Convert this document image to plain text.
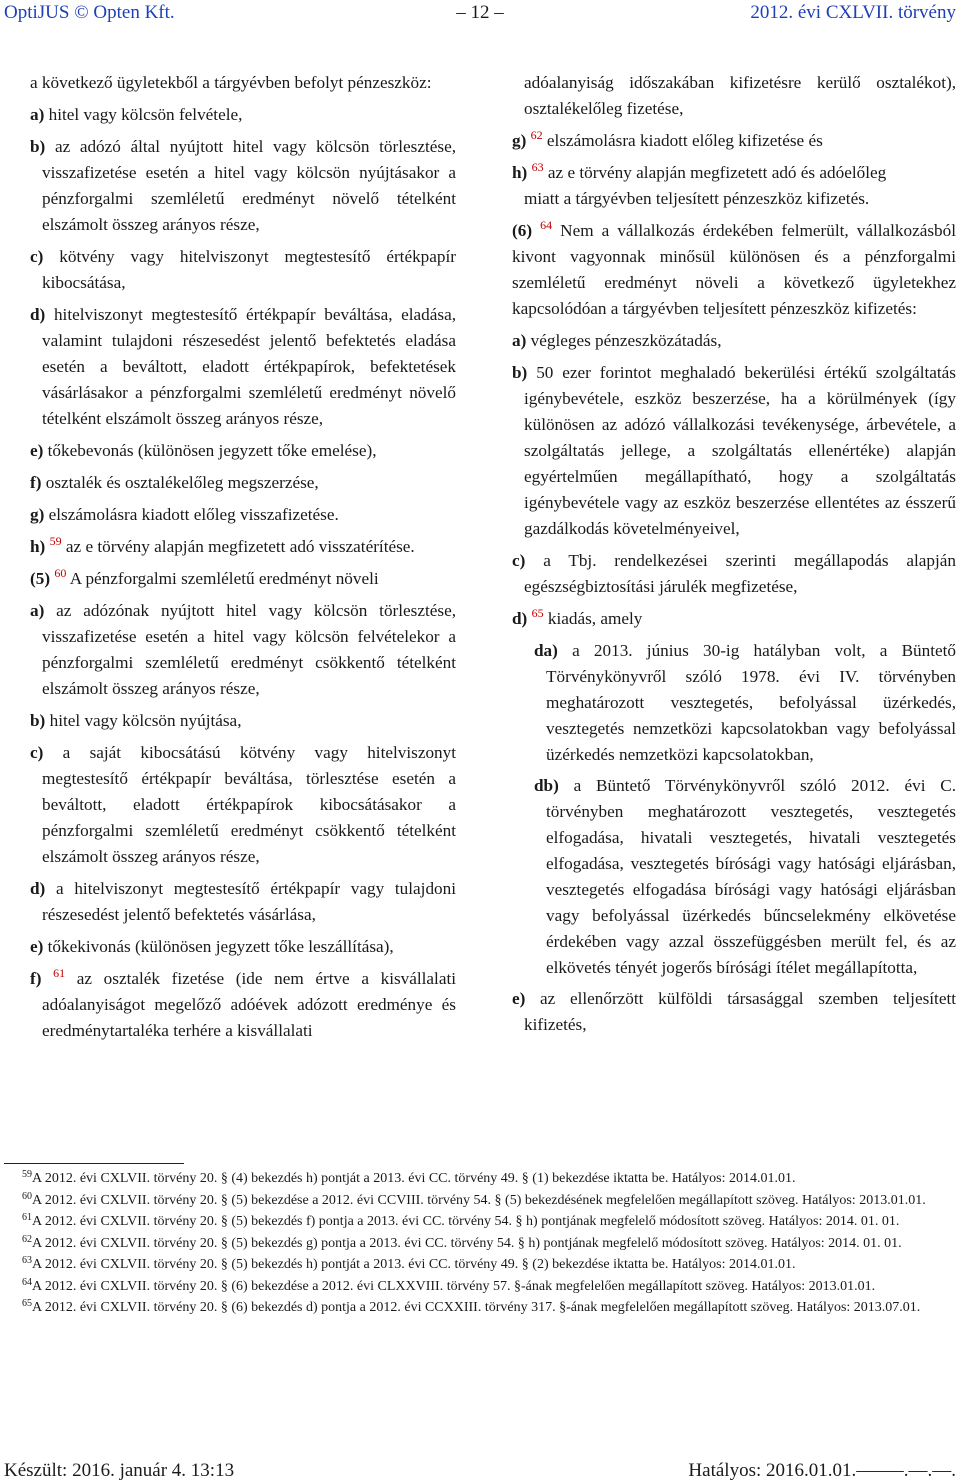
OptiJUS © Opten Kft.	– 12 –	2012. évi CXLVII. törvény

a következő ügyletekből a tárgyévben befolyt pénzeszköz:

a) hitel vagy kölcsön felvétele,

b) az adózó által nyújtott hitel vagy kölcsön törlesztése, visszafizetése esetén a hitel vagy kölcsön nyújtásakor a pénzforgalmi szemléletű eredményt növelő tételként elszámolt összeg arányos része,

c) kötvény vagy hitelviszonyt megtestesítő értékpapír kibocsátása,

d) hitelviszonyt megtestesítő értékpapír beváltása, eladása, valamint tulajdoni részesedést jelentő befektetés eladása esetén a beváltott, eladott értékpapírok, befektetések vásárlásakor a pénzforgalmi szemléletű eredményt növelő tételként elszámolt összeg arányos része,

e) tőkebevonás (különösen jegyzett tőke emelése),

f) osztalék és osztalékelőleg megszerzése,

g) elszámolásra kiadott előleg visszafizetése.

h) $^{59}$ az e törvény alapján megfizetett adó visszatérítése.

(5) $^{60}$ A pénzforgalmi szemléletű eredményt növeli

a) az adózónak nyújtott hitel vagy kölcsön törlesztése, visszafizetése esetén a hitel vagy kölcsön felvételekor a pénzforgalmi szemléletű eredményt csökkentő tételként elszámolt összeg arányos része,

b) hitel vagy kölcsön nyújtása,

c) a saját kibocsátású kötvény vagy hitelviszonyt megtestesítő értékpapír beváltása, törlesztése esetén a beváltott, eladott értékpapírok kibocsátásakor a pénzforgalmi szemléletű eredményt csökkentő tételként elszámolt összeg arányos része,

d) a hitelviszonyt megtestesítő értékpapír vagy tulajdoni részesedést jelentő befektetés vásárlása,

e) tőkekivonás (különösen jegyzett tőke leszállítása),

f) $^{61}$ az osztalék fizetése (ide nem értve a kisvállalati adóalanyiságot megelőző adóévek adózott eredménye és eredménytartaléka terhére a kisvállalati

adóalanyiság időszakában kifizetésre kerülő osztalékot), osztalékelőleg fizetése,

g) $^{62}$ elszámolásra kiadott előleg kifizetése és

h) $^{63}$ az e törvény alapján megfizetett adó és adóelőleg

miatt a tárgyévben teljesített pénzeszköz kifizetés.

(6) $^{64}$ Nem a vállalkozás érdekében felmerült, vállalkozásból kivont vagyonnak minősül különösen és a pénzforgalmi szemléletű eredményt növeli a következő ügyletekhez kapcsolódóan a tárgyévben teljesített pénzeszköz kifizetés:

a) végleges pénzeszközátadás,

b) 50 ezer forintot meghaladó bekerülési értékű szolgáltatás igénybevétele, eszköz beszerzése, ha a körülmények (így különösen az adózó vállalkozási tevékenysége, árbevétele, a szolgáltatás jellege, a szolgáltatás ellenértéke) alapján egyértelműen megállapítható, hogy a szolgáltatás igénybevétele vagy az eszköz beszerzése ellentétes az ésszerű gazdálkodás követelményeivel,

c) a Tbj. rendelkezései szerinti megállapodás alapján egészségbiztosítási járulék megfizetése,

d) $^{65}$ kiadás, amely

da) a 2013. június 30-ig hatályban volt, a Büntető Törvénykönyvről szóló 1978. évi IV. törvényben meghatározott vesztegetés, befolyással üzérkedés, vesztegetés nemzetközi kapcsolatokban vagy befolyással üzérkedés nemzetközi kapcsolatokban,

db) a Büntető Törvénykönyvről szóló 2012. évi C. törvényben meghatározott vesztegetés, vesztegetés elfogadása, hivatali vesztegetés, hivatali vesztegetés elfogadása, vesztegetés bírósági vagy hatósági eljárásban, vesztegetés elfogadása bírósági vagy hatósági eljárásban vagy befolyással üzérkedés bűncselekmény elkövetése érdekében vagy azzal összefüggésben merült fel, és az elkövetés tényét jogerős bírósági ítélet megállapította,

e) az ellenőrzött külföldi társasággal szemben teljesített kifizetés,

$^{59}$A 2012. évi CXLVII. törvény 20. § (4) bekezdés h) pontját a 2013. évi CC. törvény 49. § (1) bekezdése iktatta be. Hatályos: 2014.01.01.

$^{60}$A 2012. évi CXLVII. törvény 20. § (5) bekezdése a 2012. évi CCVIII. törvény 54. § (5) bekezdésének megfelelően megállapított szöveg. Hatályos: 2013.01.01.

$^{61}$A 2012. évi CXLVII. törvény 20. § (5) bekezdés f) pontja a 2013. évi CC. törvény 54. § h) pontjának megfelelő módosított szöveg. Hatályos: 2014. 01. 01.

$^{62}$A 2012. évi CXLVII. törvény 20. § (5) bekezdés g) pontja a 2013. évi CC. törvény 54. § h) pontjának megfelelő módosított szöveg. Hatályos: 2014. 01. 01.

$^{63}$A 2012. évi CXLVII. törvény 20. § (5) bekezdés h) pontját a 2013. évi CC. törvény 49. § (2) bekezdése iktatta be. Hatályos: 2014.01.01.

$^{64}$A 2012. évi CXLVII. törvény 20. § (6) bekezdése a 2012. évi CLXXVIII. törvény 57. §-ának megfelelően megállapított szöveg. Hatályos: 2013.01.01.

$^{65}$A 2012. évi CXLVII. törvény 20. § (6) bekezdés d) pontja a 2012. évi CCXXIII. törvény 317. §-ának megfelelően megállapított szöveg. Hatályos: 2013.07.01.

Készült: 2016. január 4. 13:13	Hatályos: 2016.01.01.–––––.––.––.
